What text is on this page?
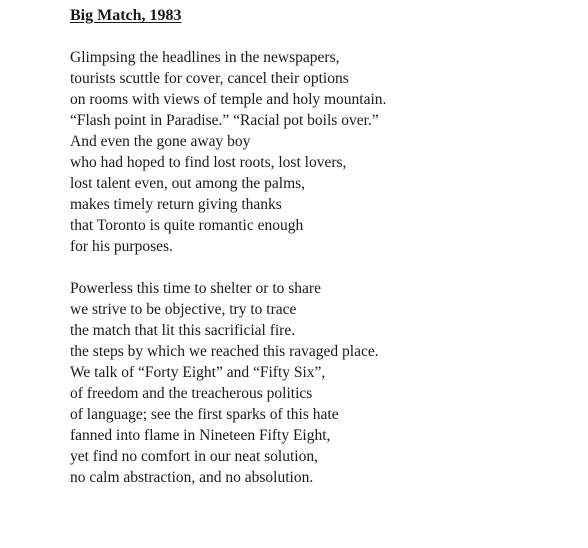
Big Match, 1983
Glimpsing the headlines in the newspapers,
tourists scuttle for cover, cancel their options
on rooms with views of temple and holy mountain.
“Flash point in Paradise.” “Racial pot boils over.”
And even the gone away boy
who had hoped to find lost roots, lost lovers,
lost talent even, out among the palms,
makes timely return giving thanks
that Toronto is quite romantic enough
for his purposes.
Powerless this time to shelter or to share
we strive to be objective, try to trace
the match that lit this sacrificial fire.
the steps by which we reached this ravaged place.
We talk of “Forty Eight” and “Fifty Six”,
of freedom and the treacherous politics
of language; see the first sparks of this hate
fanned into flame in Nineteen Fifty Eight,
yet find no comfort in our neat solution,
no calm abstraction, and no absolution.
